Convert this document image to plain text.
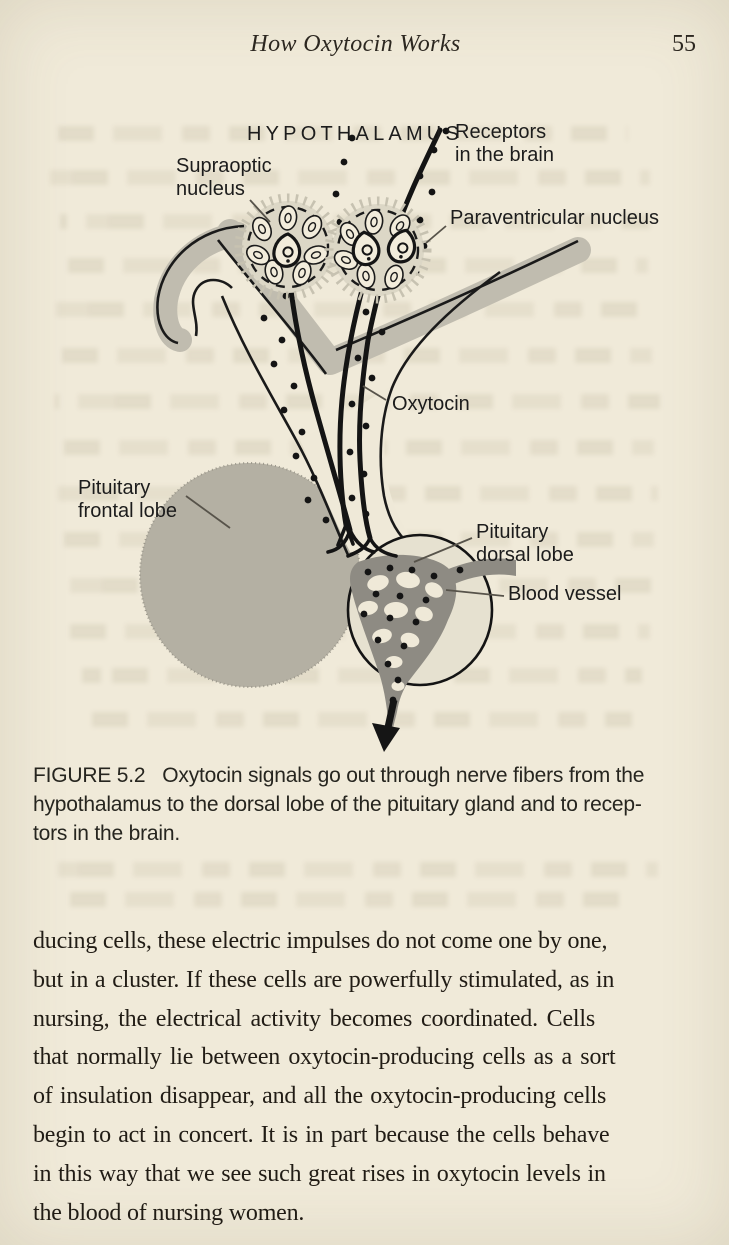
How Oxytocin Works	55
HYPOTHALAMUS
Receptors
in the brain
Supraoptic
nucleus
Paraventricular nucleus
Oxytocin
Pituitary
frontal lobe
Pituitary
dorsal lobe
Blood vessel
FIGURE 5.2   Oxytocin signals go out through nerve fibers from the
hypothalamus to the dorsal lobe of the pituitary gland and to recep-
tors in the brain.
ducing cells, these electric impulses do not come one by one,
but in a cluster. If these cells are powerfully stimulated, as in
nursing, the electrical activity becomes coordinated. Cells
that normally lie between oxytocin-producing cells as a sort
of insulation disappear, and all the oxytocin-producing cells
begin to act in concert. It is in part because the cells behave
in this way that we see such great rises in oxytocin levels in
the blood of nursing women.
